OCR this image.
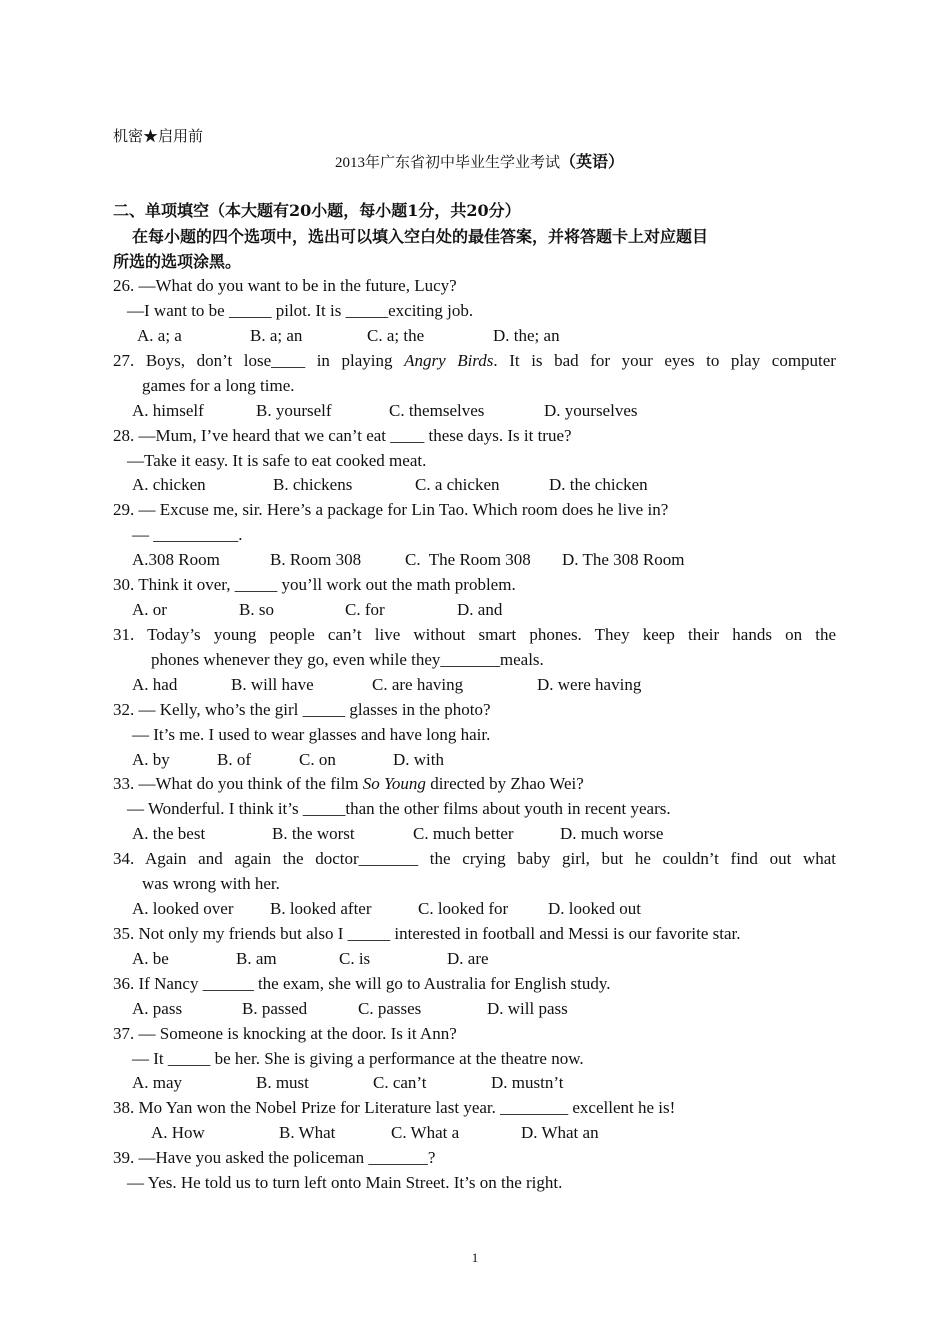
机密★启用前
2013年广东省初中毕业生学业考试（英语）
二、单项填空（本大题有20小题，每小题1分，共20分）
在每小题的四个选项中，选出可以填入空白处的最佳答案，并将答题卡上对应题目
所选的选项涂黑。
26. —What do you want to be in the future, Lucy?
—I want to be _____ pilot. It is _____exciting job.
A. a; a	B. a; an	C. a; the	D. the; an
27. Boys, don’t lose____ in playing Angry Birds. It is bad for your eyes to play computer
games for a long time.
A. himself	B. yourself	C. themselves	D. yourselves
28. —Mum, I’ve heard that we can’t eat ____ these days. Is it true?
—Take it easy. It is safe to eat cooked meat.
A. chicken	B. chickens	C. a chicken	D. the chicken
29. — Excuse me, sir. Here’s a package for Lin Tao. Which room does he live in?
— __________.
A.308 Room	B. Room 308	C.  The Room 308	D. The 308 Room
30. Think it over, _____ you’ll work out the math problem.
A. or	B. so	C. for	D. and
31. Today’s young people can’t live without smart phones. They keep their hands on the
phones whenever they go, even while they_______meals.
A. had	B. will have	C. are having	D. were having
32. — Kelly, who’s the girl _____ glasses in the photo?
— It’s me. I used to wear glasses and have long hair.
A. by	B. of	C. on	D. with
33. —What do you think of the film So Young directed by Zhao Wei?
— Wonderful. I think it’s _____than the other films about youth in recent years.
A. the best	B. the worst	C. much better	D. much worse
34. Again and again the doctor_______ the crying baby girl, but he couldn’t find out what
was wrong with her.
A. looked over	B. looked after	C. looked for	D. looked out
35. Not only my friends but also I _____ interested in football and Messi is our favorite star.
A. be	B. am	C. is	D. are
36. If Nancy ______ the exam, she will go to Australia for English study.
A. pass	B. passed	C. passes	D. will pass
37. — Someone is knocking at the door. Is it Ann?
— It _____ be her. She is giving a performance at the theatre now.
A. may	B. must	C. can’t	D. mustn’t
38. Mo Yan won the Nobel Prize for Literature last year. ________ excellent he is!
A. How	B. What	C. What a	D. What an
39. —Have you asked the policeman _______?
— Yes. He told us to turn left onto Main Street. It’s on the right.
1
